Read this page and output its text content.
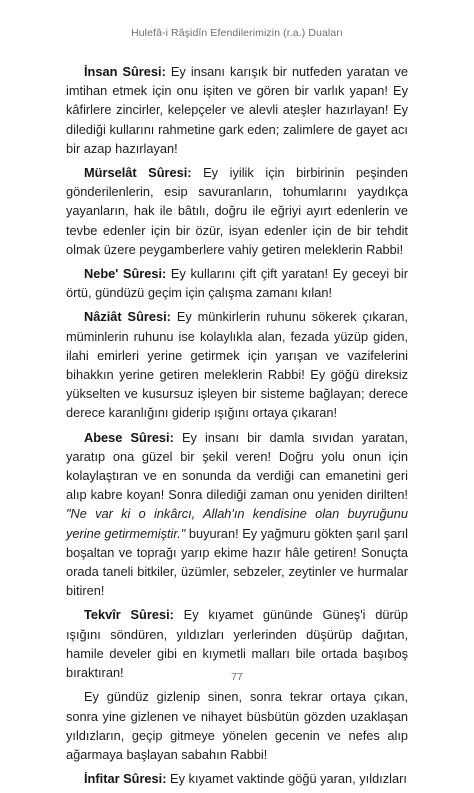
Hulefâ-i Râşidîn Efendilerimizin (r.a.) Duaları

İnsan Sûresi: Ey insanı karışık bir nutfeden yaratan ve imtihan etmek için onu işiten ve gören bir varlık yapan! Ey kâfirlere zincirler, kelepçeler ve alevli ateşler hazırlayan! Ey dilediği kullarını rahmetine gark eden; zalimlere de gayet acı bir azap hazırlayan!

Mürselât Sûresi: Ey iyilik için birbirinin peşinden gönderilenlerin, esip savuranların, tohumlarını yaydıkça yayanların, hak ile bâtılı, doğru ile eğriyi ayırt edenlerin ve tevbe edenler için bir özür, isyan edenler için de bir tehdit olmak üzere peygamberlere vahiy getiren meleklerin Rabbi!

Nebe' Sûresi: Ey kullarını çift çift yaratan! Ey geceyi bir örtü, gündüzü geçim için çalışma zamanı kılan!

Nâziât Sûresi: Ey münkirlerin ruhunu sökerek çıkaran, müminlerin ruhunu ise kolaylıkla alan, fezada yüzüp giden, ilahi emirleri yerine getirmek için yarışan ve vazifelerini bihakkın yerine getiren meleklerin Rabbi! Ey göğü direksiz yükselten ve kusursuz işleyen bir sisteme bağlayan; derece derece karanlığını giderip ışığını ortaya çıkaran!

Abese Sûresi: Ey insanı bir damla sıvıdan yaratan, yaratıp ona güzel bir şekil veren! Doğru yolu onun için kolaylaştıran ve en sonunda da verdiği can emanetini geri alıp kabre koyan! Sonra dilediği zaman onu yeniden dirilten! "Ne var ki o inkârcı, Allah'ın kendisine olan buyruğunu yerine getirmemiştir." buyuran! Ey yağmuru gökten şarıl şarıl boşaltan ve toprağı yarıp ekime hazır hâle getiren! Sonuçta orada taneli bitkiler, üzümler, sebzeler, zeytinler ve hurmalar bitiren!

Tekvîr Sûresi: Ey kıyamet gününde Güneş'i dürüp ışığını söndüren, yıldızları yerlerinden düşürüp dağıtan, hamile develer gibi en kıymetli malları bile ortada başıboş bıraktıran!

Ey gündüz gizlenip sinen, sonra tekrar ortaya çıkan, sonra yine gizlenen ve nihayet büsbütün gözden uzaklaşan yıldızların, geçip gitmeye yönelen gecenin ve nefes alıp ağarmaya başlayan sabahın Rabbi!

İnfitar Sûresi: Ey kıyamet vaktinde göğü yaran, yıldızları

77
